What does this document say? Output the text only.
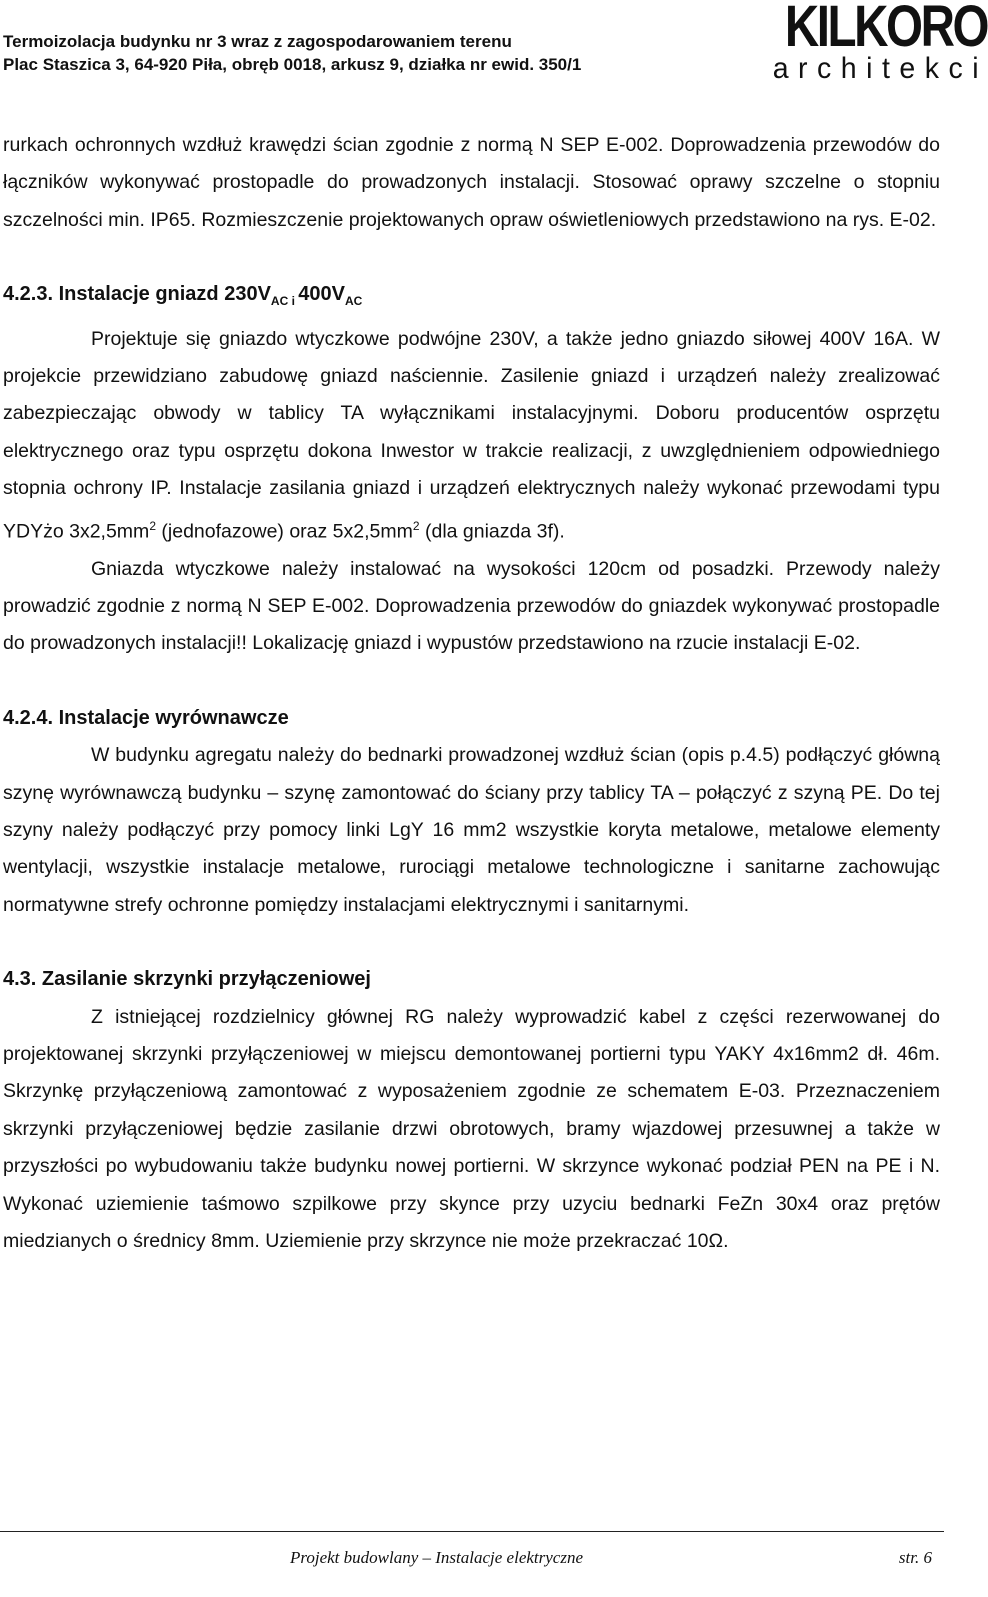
Termoizolacja budynku nr 3 wraz z zagospodarowaniem terenu
Plac Staszica 3, 64-920 Piła, obręb 0018, arkusz 9, działka nr ewid. 350/1
KILKORO
architekci

rurkach ochronnych wzdłuż krawędzi ścian zgodnie z normą N SEP E-002. Doprowadzenia przewodów do łączników wykonywać prostopadle do prowadzonych instalacji. Stosować oprawy szczelne o stopniu szczelności min. IP65. Rozmieszczenie projektowanych opraw oświetleniowych przedstawiono na rys. E-02.

4.2.3. Instalacje gniazd $230V_{AC}$ $_i$ $400V_{AC}$

Projektuje się gniazdo wtyczkowe podwójne 230V, a także jedno gniazdo siłowej 400V 16A. W projekcie przewidziano zabudowę gniazd naściennie. Zasilenie gniazd i urządzeń należy zrealizować zabezpieczając obwody w tablicy TA wyłącznikami instalacyjnymi. Doboru producentów osprzętu elektrycznego oraz typu osprzętu dokona Inwestor w trakcie realizacji, z uwzględnieniem odpowiedniego stopnia ochrony IP. Instalacje zasilania gniazd i urządzeń elektrycznych należy wykonać przewodami typu YDYżo $3x2,5mm^2$ (jednofazowe) oraz $5x2,5mm^2$ (dla gniazda 3f).

Gniazda wtyczkowe należy instalować na wysokości 120cm od posadzki. Przewody należy prowadzić zgodnie z normą N SEP E-002. Doprowadzenia przewodów do gniazdek wykonywać prostopadle do prowadzonych instalacji!! Lokalizację gniazd i wypustów przedstawiono na rzucie instalacji E-02.

4.2.4. Instalacje wyrównawcze

W budynku agregatu należy do bednarki prowadzonej wzdłuż ścian (opis p.4.5) podłączyć główną szynę wyrównawczą budynku – szynę zamontować do ściany przy tablicy TA – połączyć z szyną PE. Do tej szyny należy podłączyć przy pomocy linki LgY 16 mm2 wszystkie koryta metalowe, metalowe elementy wentylacji, wszystkie instalacje metalowe, rurociągi metalowe technologiczne i sanitarne zachowując normatywne strefy ochronne pomiędzy instalacjami elektrycznymi i sanitarnymi.

4.3. Zasilanie skrzynki przyłączeniowej

Z istniejącej rozdzielnicy głównej RG należy wyprowadzić kabel z części rezerwowanej do projektowanej skrzynki przyłączeniowej w miejscu demontowanej portierni typu YAKY 4x16mm2 dł. 46m. Skrzynkę przyłączeniową zamontować z wyposażeniem zgodnie ze schematem E-03. Przeznaczeniem skrzynki przyłączeniowej będzie zasilanie drzwi obrotowych, bramy wjazdowej przesuwnej a także w przyszłości po wybudowaniu także budynku nowej portierni. W skrzynce wykonać podział PEN na PE i N. Wykonać uziemienie taśmowo szpilkowe przy skynce przy uzyciu bednarki FeZn 30x4 oraz prętów miedzianych o średnicy 8mm. Uziemienie przy skrzynce nie może przekraczać 10Ω.

Projekt budowlany – Instalacje elektryczne	str. 6
